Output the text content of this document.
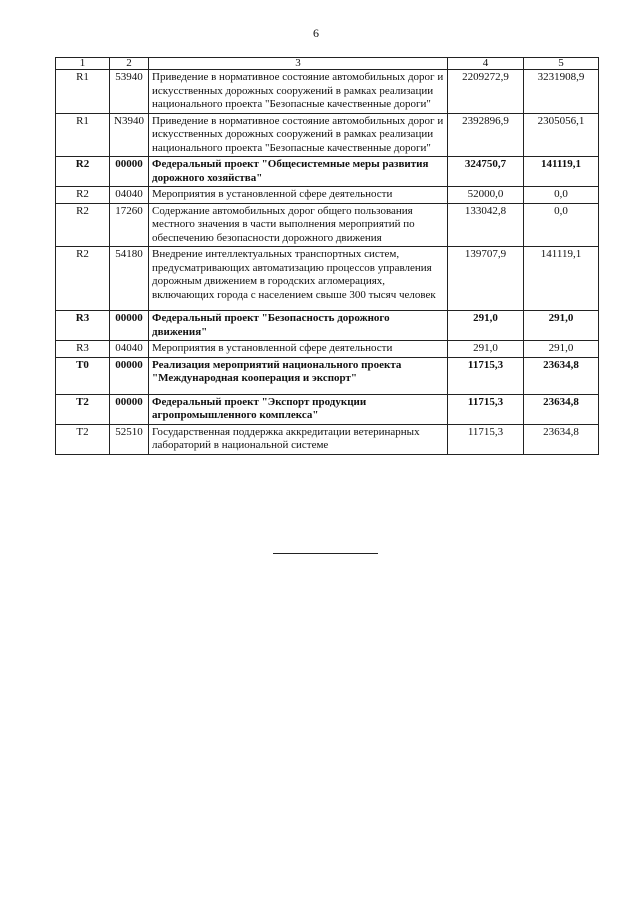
6
1	2	3	4	5
R1	53940	Приведение в нормативное состояние автомобильных дорог и искусственных дорожных сооружений в рамках реализации национального проекта "Безопасные качественные дороги"	2209272,9	3231908,9
R1	N3940	Приведение в нормативное состояние автомобильных дорог и искусственных дорожных сооружений в рамках реализации национального проекта "Безопасные качественные дороги"	2392896,9	2305056,1
R2	00000	Федеральный проект "Общесистемные меры развития дорожного хозяйства"	324750,7	141119,1
R2	04040	Мероприятия в установленной сфере деятельности	52000,0	0,0
R2	17260	Содержание автомобильных дорог общего пользования местного значения в части выполнения мероприятий по обеспечению безопасности дорожного движения	133042,8	0,0
R2	54180	Внедрение интеллектуальных транспортных систем, предусматривающих автоматизацию процессов управления дорожным движением в городских агломерациях, включающих города с населением свыше 300 тысяч человек	139707,9	141119,1
R3	00000	Федеральный проект "Безопасность дорожного движения"	291,0	291,0
R3	04040	Мероприятия в установленной сфере деятельности	291,0	291,0
T0	00000	Реализация мероприятий национального проекта "Международная кооперация и экспорт"	11715,3	23634,8
T2	00000	Федеральный проект "Экспорт продукции агропромышленного комплекса"	11715,3	23634,8
T2	52510	Государственная поддержка аккредитации ветеринарных лабораторий в национальной системе	11715,3	23634,8
